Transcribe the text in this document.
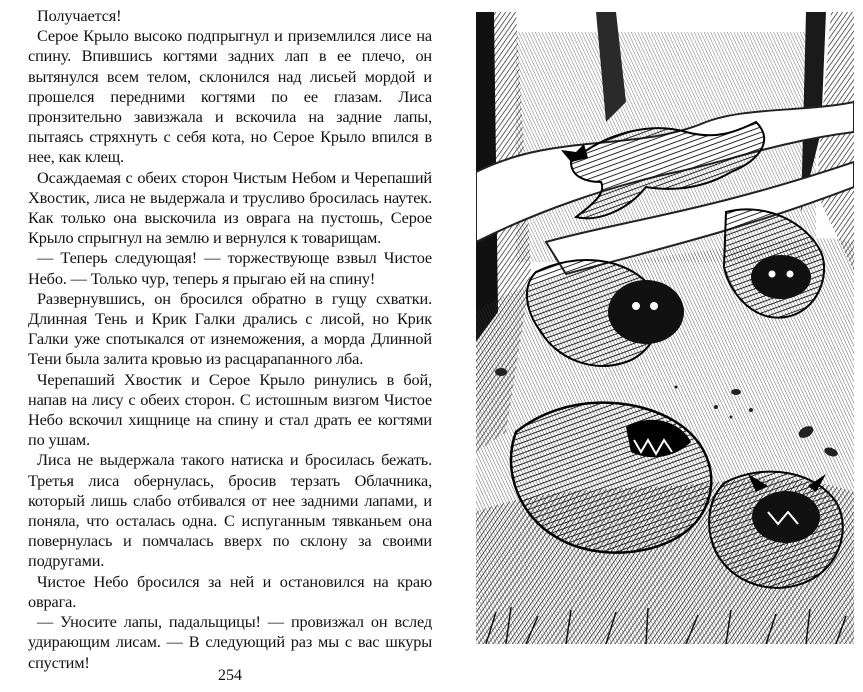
Получается!

Серое Крыло высоко подпрыгнул и приземлился лисе на спину. Впившись когтями задних лап в ее плечо, он вытянулся всем телом, склонился над лисьей мордой и прошелся передними когтями по ее глазам. Лиса пронзительно завизжала и вскочила на задние лапы, пытаясь стряхнуть с себя кота, но Серое Крыло впился в нее, как клещ.

Осаждаемая с обеих сторон Чистым Небом и Черепаший Хвостик, лиса не выдержала и трусливо бросилась наутек. Как только она выскочила из оврага на пустошь, Серое Крыло спрыгнул на землю и вернулся к товарищам.

— Теперь следующая! — торжествующе взвыл Чистое Небо. — Только чур, теперь я прыгаю ей на спину!

Развернувшись, он бросился обратно в гущу схватки. Длинная Тень и Крик Галки дрались с лисой, но Крик Галки уже спотыкался от изнеможения, а морда Длинной Тени была залита кровью из расцарапанного лба.

Черепаший Хвостик и Серое Крыло ринулись в бой, напав на лису с обеих сторон. С истошным визгом Чистое Небо вскочил хищнице на спину и стал драть ее когтями по ушам.

Лиса не выдержала такого натиска и бросилась бежать. Третья лиса обернулась, бросив терзать Облачника, который лишь слабо отбивался от нее задними лапами, и поняла, что осталась одна. С испуганным тявканьем она повернулась и помчалась вверх по склону за своими подругами.

Чистое Небо бросился за ней и остановился на краю оврага.

— Уносите лапы, падальщицы! — провизжал он вслед удирающим лисам. — В следующий раз мы с вас шкуры спустим!

254
